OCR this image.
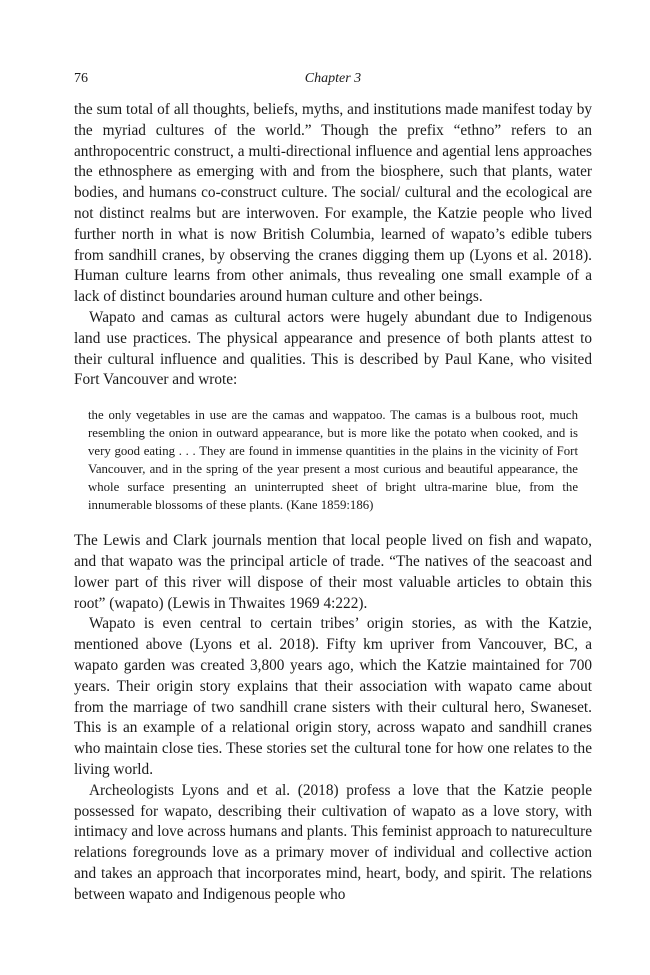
76	Chapter 3

the sum total of all thoughts, beliefs, myths, and institutions made manifest today by the myriad cultures of the world.” Though the prefix “ethno” refers to an anthropocentric construct, a multi-directional influence and agential lens approaches the ethnosphere as emerging with and from the biosphere, such that plants, water bodies, and humans co-construct culture. The social/ cultural and the ecological are not distinct realms but are interwoven. For example, the Katzie people who lived further north in what is now British Columbia, learned of wapato’s edible tubers from sandhill cranes, by observing the cranes digging them up (Lyons et al. 2018). Human culture learns from other animals, thus revealing one small example of a lack of distinct boundaries around human culture and other beings.

Wapato and camas as cultural actors were hugely abundant due to Indigenous land use practices. The physical appearance and presence of both plants attest to their cultural influence and qualities. This is described by Paul Kane, who visited Fort Vancouver and wrote:

the only vegetables in use are the camas and wappatoo. The camas is a bulbous root, much resembling the onion in outward appearance, but is more like the potato when cooked, and is very good eating . . . They are found in immense quantities in the plains in the vicinity of Fort Vancouver, and in the spring of the year present a most curious and beautiful appearance, the whole surface presenting an uninterrupted sheet of bright ultra-marine blue, from the innumerable blossoms of these plants. (Kane 1859:186)

The Lewis and Clark journals mention that local people lived on fish and wapato, and that wapato was the principal article of trade. “The natives of the seacoast and lower part of this river will dispose of their most valuable articles to obtain this root” (wapato) (Lewis in Thwaites 1969 4:222).

Wapato is even central to certain tribes’ origin stories, as with the Katzie, mentioned above (Lyons et al. 2018). Fifty km upriver from Vancouver, BC, a wapato garden was created 3,800 years ago, which the Katzie maintained for 700 years. Their origin story explains that their association with wapato came about from the marriage of two sandhill crane sisters with their cultural hero, Swaneset. This is an example of a relational origin story, across wapato and sandhill cranes who maintain close ties. These stories set the cultural tone for how one relates to the living world.

Archeologists Lyons and et al. (2018) profess a love that the Katzie people possessed for wapato, describing their cultivation of wapato as a love story, with intimacy and love across humans and plants. This feminist approach to natureculture relations foregrounds love as a primary mover of individual and collective action and takes an approach that incorporates mind, heart, body, and spirit. The relations between wapato and Indigenous people who
